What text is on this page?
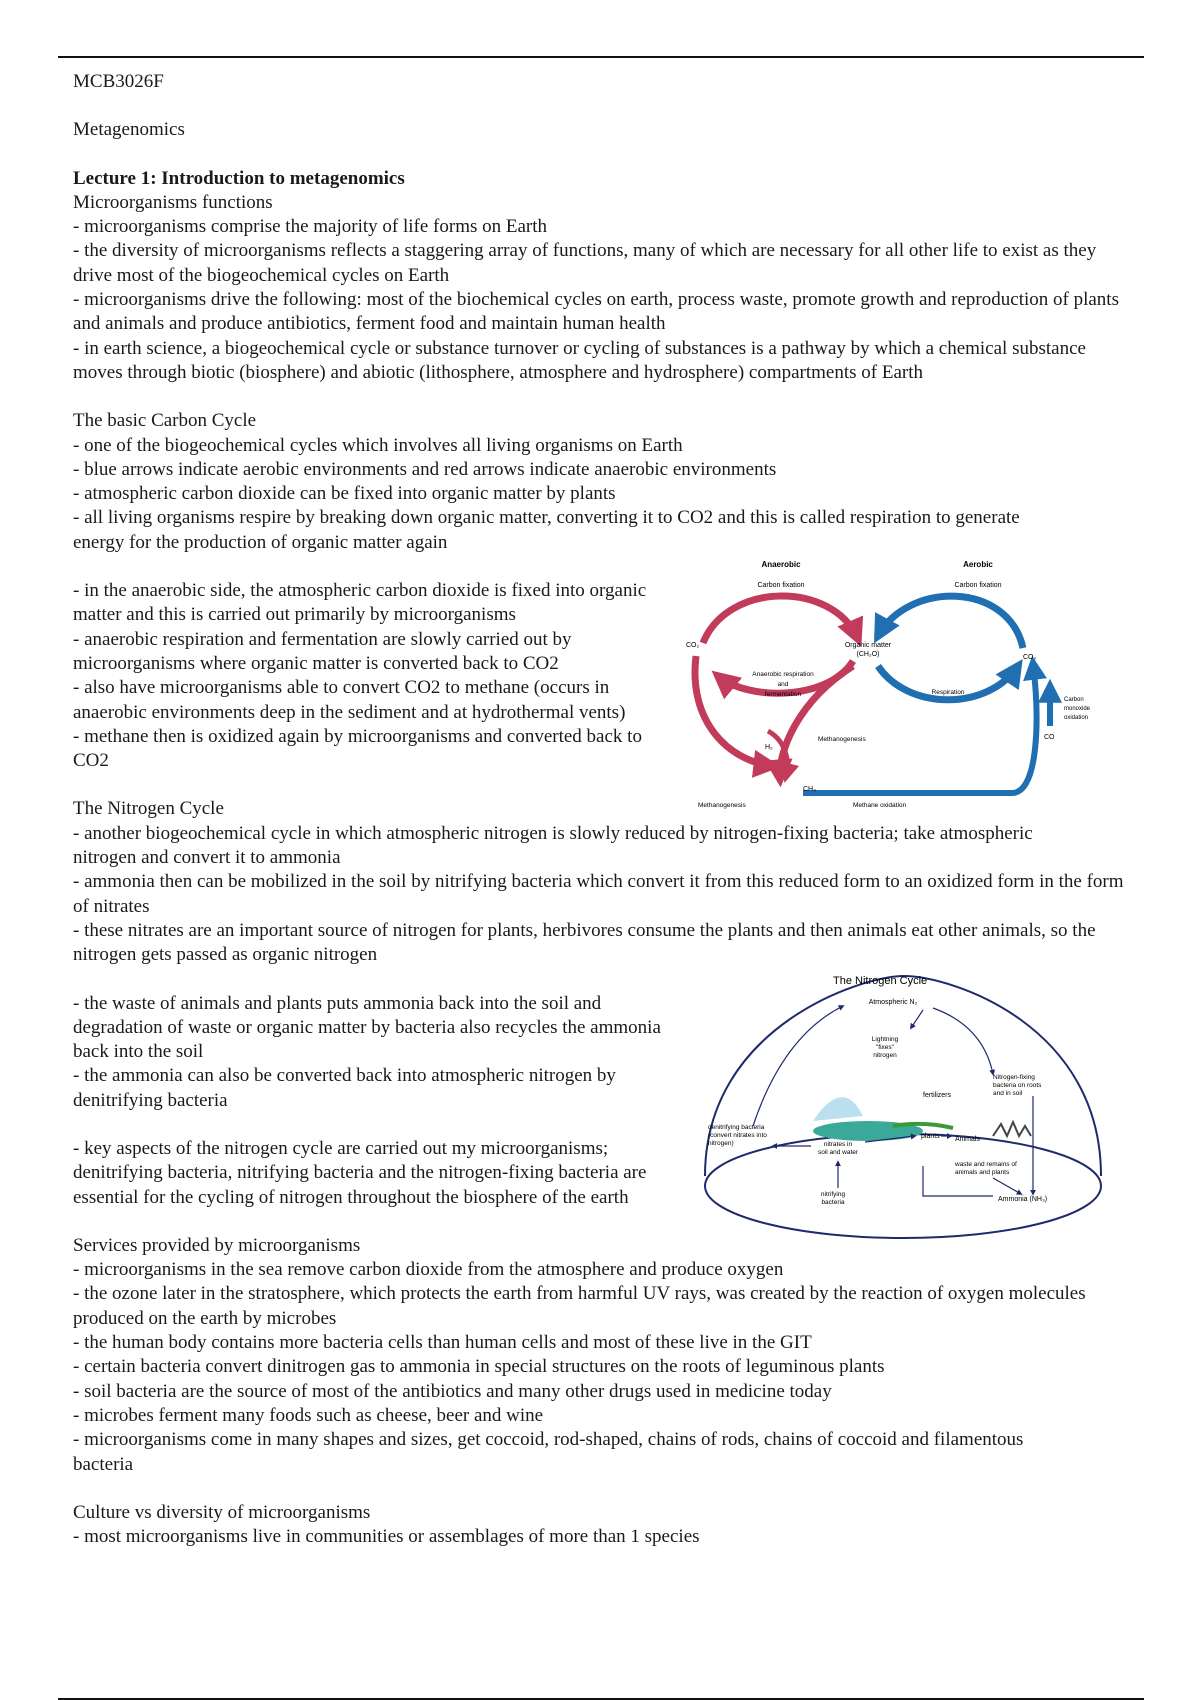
MCB3026F

Metagenomics

Lecture 1: Introduction to metagenomics

Microorganisms functions

- microorganisms comprise the majority of life forms on Earth

- the diversity of microorganisms reflects a staggering array of functions, many of which are necessary for all other life to exist as they drive most of the biogeochemical cycles on Earth

- microorganisms drive the following: most of the biochemical cycles on earth, process waste, promote growth and reproduction of plants and animals and produce antibiotics, ferment food and maintain human health

- in earth science, a biogeochemical cycle or substance turnover or cycling of substances is a pathway by which a chemical substance moves through biotic (biosphere) and abiotic (lithosphere, atmosphere and hydrosphere) compartments of Earth

The basic Carbon Cycle

- one of the biogeochemical cycles which involves all living organisms on Earth

- blue arrows indicate aerobic environments and red arrows indicate anaerobic environments

- atmospheric carbon dioxide can be fixed into organic matter by plants

- all living organisms respire by breaking down organic matter, converting it to CO2 and this is called respiration to generate energy for the production of organic matter again

- in the anaerobic side, the atmospheric carbon dioxide is fixed into organic matter and this is carried out primarily by microorganisms

- anaerobic respiration and fermentation are slowly carried out by microorganisms where organic matter is converted back to CO2

- also have microorganisms able to convert CO2 to methane (occurs in anaerobic environments deep in the sediment and at hydrothermal vents)

- methane then is oxidized again by microorganisms and converted back to CO2

Anaerobic	Aerobic
Carbon fixation	Carbon fixation
CO₂	Organic matter
(CH₂O)	CO₂
Anaerobic respiration
and
fermentation	Respiration
Carbon
monoxide
oxidation
CO
H₂
Methanogenesis
CH₄
Methanogenesis	Methane oxidation

The Nitrogen Cycle

- another biogeochemical cycle in which atmospheric nitrogen is slowly reduced by nitrogen-fixing bacteria; take atmospheric nitrogen and convert it to ammonia

- ammonia then can be mobilized in the soil by nitrifying bacteria which convert it from this reduced form to an oxidized form in the form of nitrates

- these nitrates are an important source of nitrogen for plants, herbivores consume the plants and then animals eat other animals, so the nitrogen gets passed as organic nitrogen

- the waste of animals and plants puts ammonia back into the soil and degradation of waste or organic matter by bacteria also recycles the ammonia back into the soil

- the ammonia can also be converted back into atmospheric nitrogen by denitrifying bacteria

- key aspects of the nitrogen cycle are carried out my microorganisms; denitrifying bacteria, nitrifying bacteria and the nitrogen-fixing bacteria are essential for the cycling of nitrogen throughout the biosphere of the earth

The Nitrogen Cycle
Atmospheric N₂
Lightning
"fixes"
nitrogen
Nitrogen-fixing
bacteria on roots
and in soil
fertilizers
denitrifying bacteria
(convert nitrates into
nitrogen)	nitrates in
soil and water
plants Animals
waste and remains of
animals and plants
nitrifying
bacteria	Ammonia (NH₃)

Services provided by microorganisms

- microorganisms in the sea remove carbon dioxide from the atmosphere and produce oxygen

- the ozone later in the stratosphere, which protects the earth from harmful UV rays, was created by the reaction of oxygen molecules produced on the earth by microbes

- the human body contains more bacteria cells than human cells and most of these live in the GIT

- certain bacteria convert dinitrogen gas to ammonia in special structures on the roots of leguminous plants

- soil bacteria are the source of most of the antibiotics and many other drugs used in medicine today

- microbes ferment many foods such as cheese, beer and wine

- microorganisms come in many shapes and sizes, get coccoid, rod-shaped, chains of rods, chains of coccoid and filamentous bacteria

Culture vs diversity of microorganisms

- most microorganisms live in communities or assemblages of more than 1 species
